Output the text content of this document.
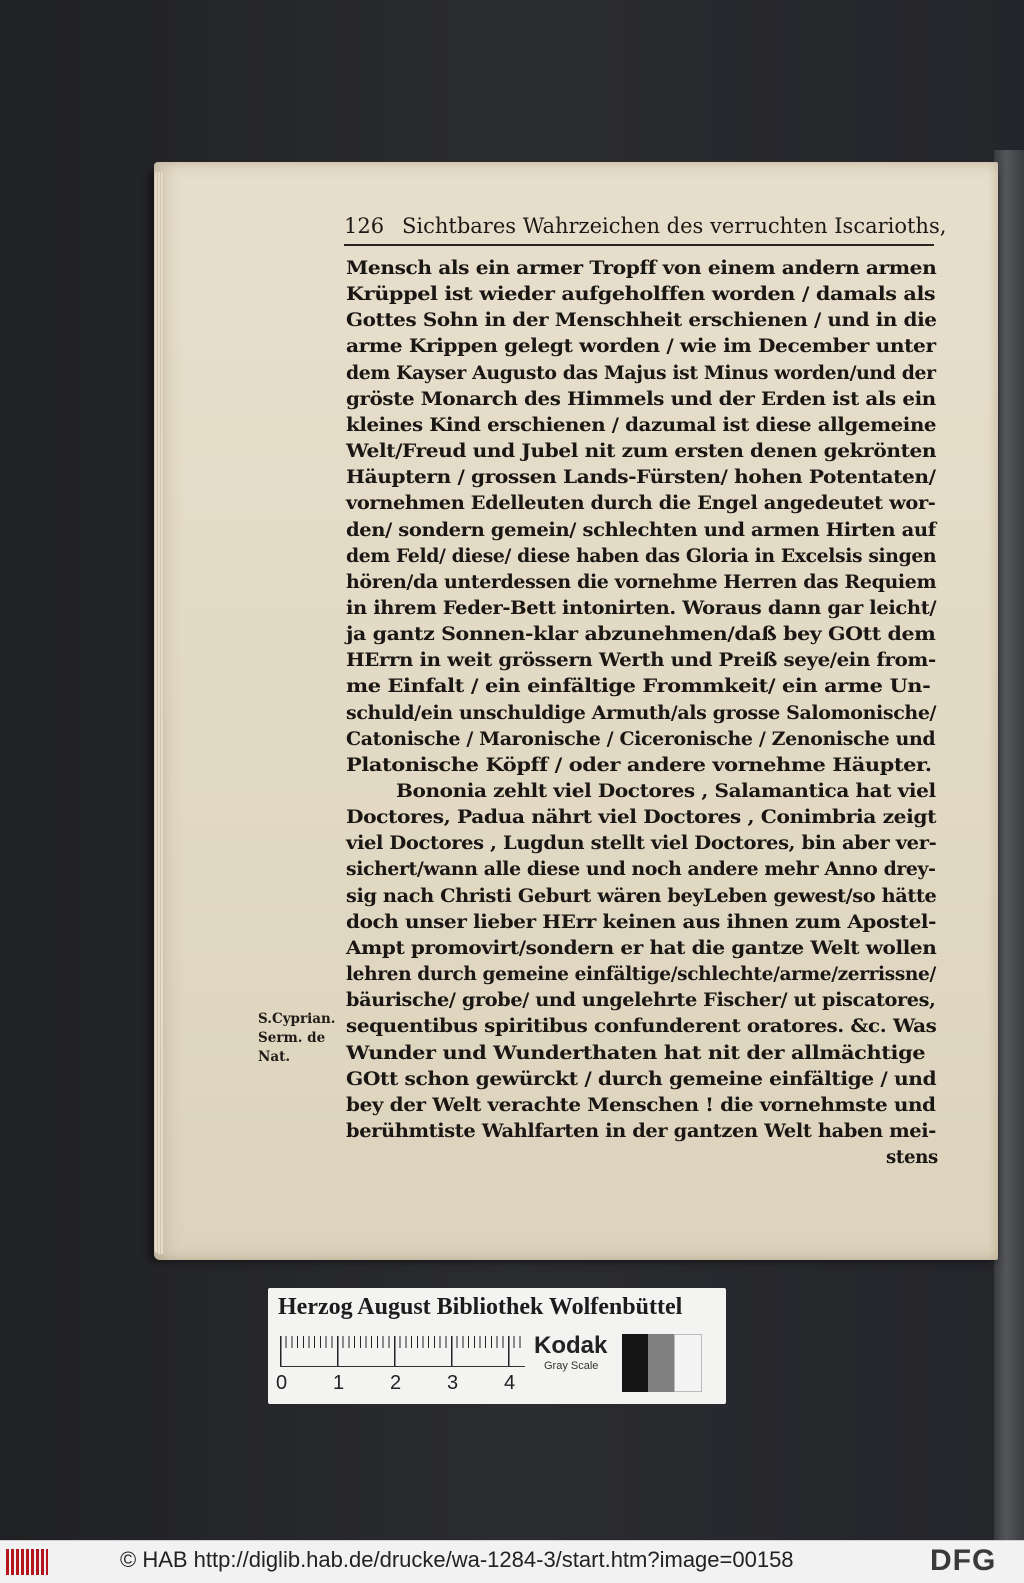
126 Sichtbares Wahrzeichen des verruchten Iscarioths,
Mensch als ein armer Tropff von einem andern armen
Krüppel ist wieder aufgeholffen worden / damals als
Gottes Sohn in der Menschheit erschienen / und in die
arme Krippen gelegt worden / wie im December unter
dem Kayser Augusto das Majus ist Minus worden/und der
gröste Monarch des Himmels und der Erden ist als ein
kleines Kind erschienen / dazumal ist diese allgemeine
Welt/Freud und Jubel nit zum ersten denen gekrönten
Häuptern / grossen Lands-Fürsten/ hohen Potentaten/
vornehmen Edelleuten durch die Engel angedeutet wor-
den/ sondern gemein/ schlechten und armen Hirten auf
dem Feld/ diese/ diese haben das Gloria in Excelsis singen
hören/da unterdessen die vornehme Herren das Requiem
in ihrem Feder-Bett intonirten. Woraus dann gar leicht/
ja gantz Sonnen-klar abzunehmen/daß bey GOtt dem
HErrn in weit grössern Werth und Preiß seye/ein from-
me Einfalt / ein einfältige Frommkeit/ ein arme Un-
schuld/ein unschuldige Armuth/als grosse Salomonische/
Catonische / Maronische / Ciceronische / Zenonische und
Platonische Köpff / oder andere vornehme Häupter.
Bononia zehlt viel Doctores , Salamantica hat viel
Doctores, Padua nährt viel Doctores , Conimbria zeigt
viel Doctores , Lugdun stellt viel Doctores, bin aber ver-
sichert/wann alle diese und noch andere mehr Anno drey-
sig nach Christi Geburt wären beyLeben gewest/so hätte
doch unser lieber HErr keinen aus ihnen zum Apostel-
Ampt promovirt/sondern er hat die gantze Welt wollen
lehren durch gemeine einfältige/schlechte/arme/zerrissne/
bäurische/ grobe/ und ungelehrte Fischer/ ut piscatores,
sequentibus spiritibus confunderent oratores. &c. Was
Wunder und Wunderthaten hat nit der allmächtige
GOtt schon gewürckt / durch gemeine einfältige / und
bey der Welt verachte Menschen ! die vornehmste und
berühmtiste Wahlfarten in der gantzen Welt haben mei-
stens
S.Cyprian.
Serm. de
Nat.
Herzog August Bibliothek Wolfenbüttel
0 1 2 3 4
Kodak
Gray Scale
© HAB http://diglib.hab.de/drucke/wa-1284-3/start.htm?image=00158	DFG
